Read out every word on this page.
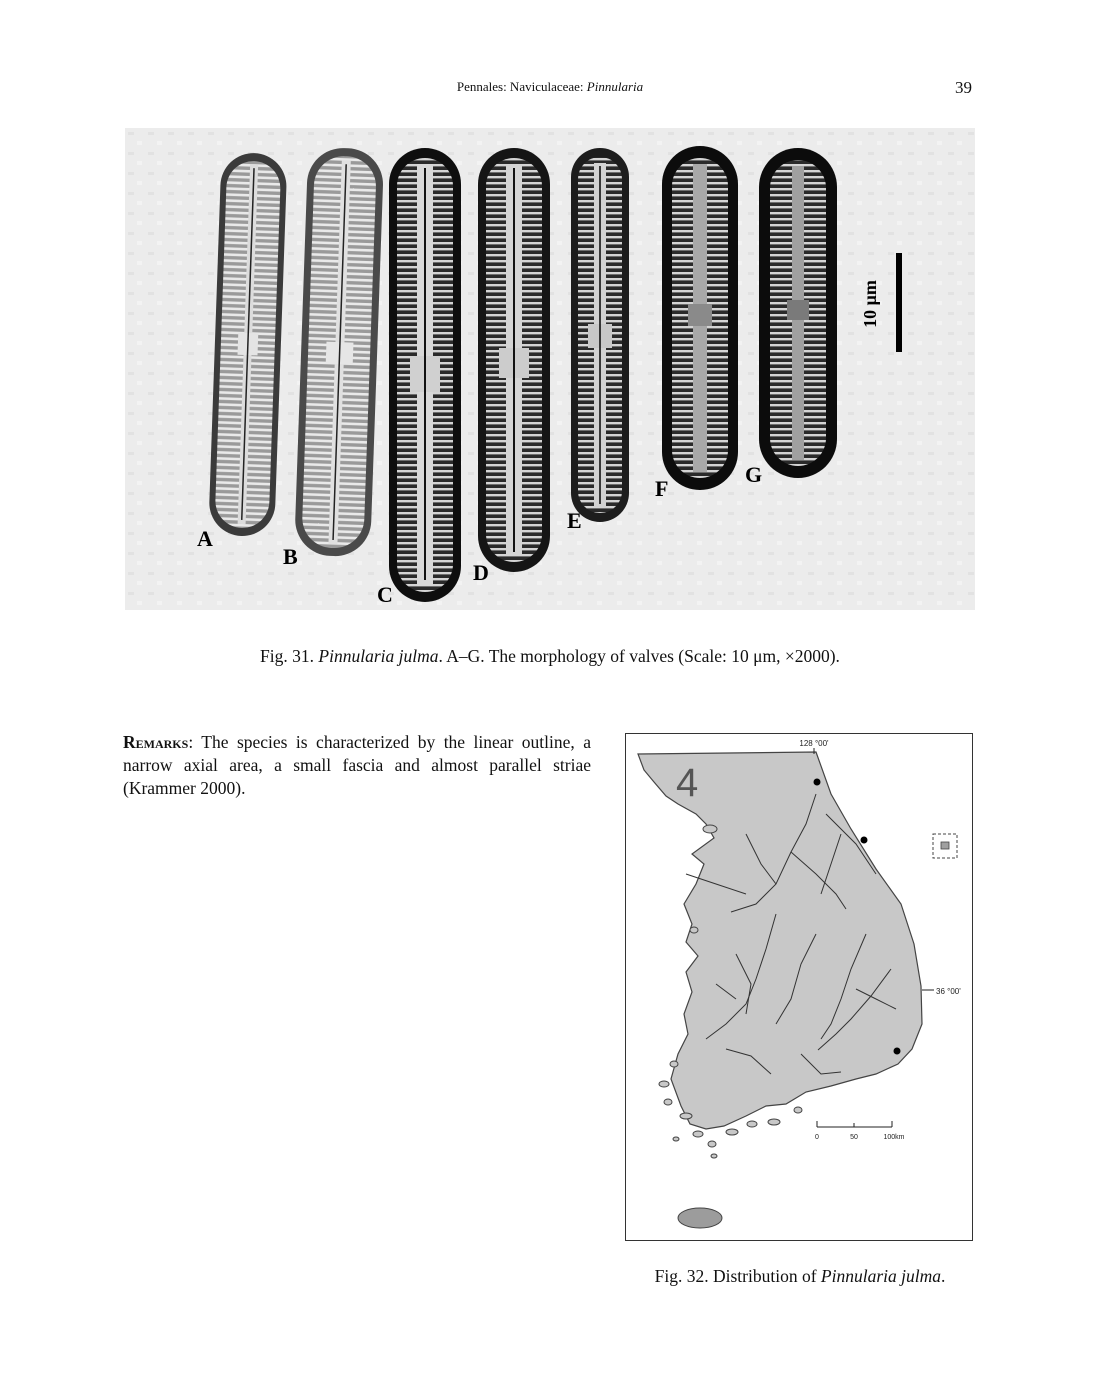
Pennales: Naviculaceae: Pinnularia	39
10 μm
A
B
C
D
E
F
G
Fig. 31. Pinnularia julma. A–G. The morphology of valves (Scale: 10 μm, ×2000).

Remarks: The species is characterized by the linear outline, a narrow axial area, a small fascia and almost parallel striae (Krammer 2000).

128 °00'
36 °00'
4
0	50	100km
Fig. 32. Distribution of Pinnularia julma.
